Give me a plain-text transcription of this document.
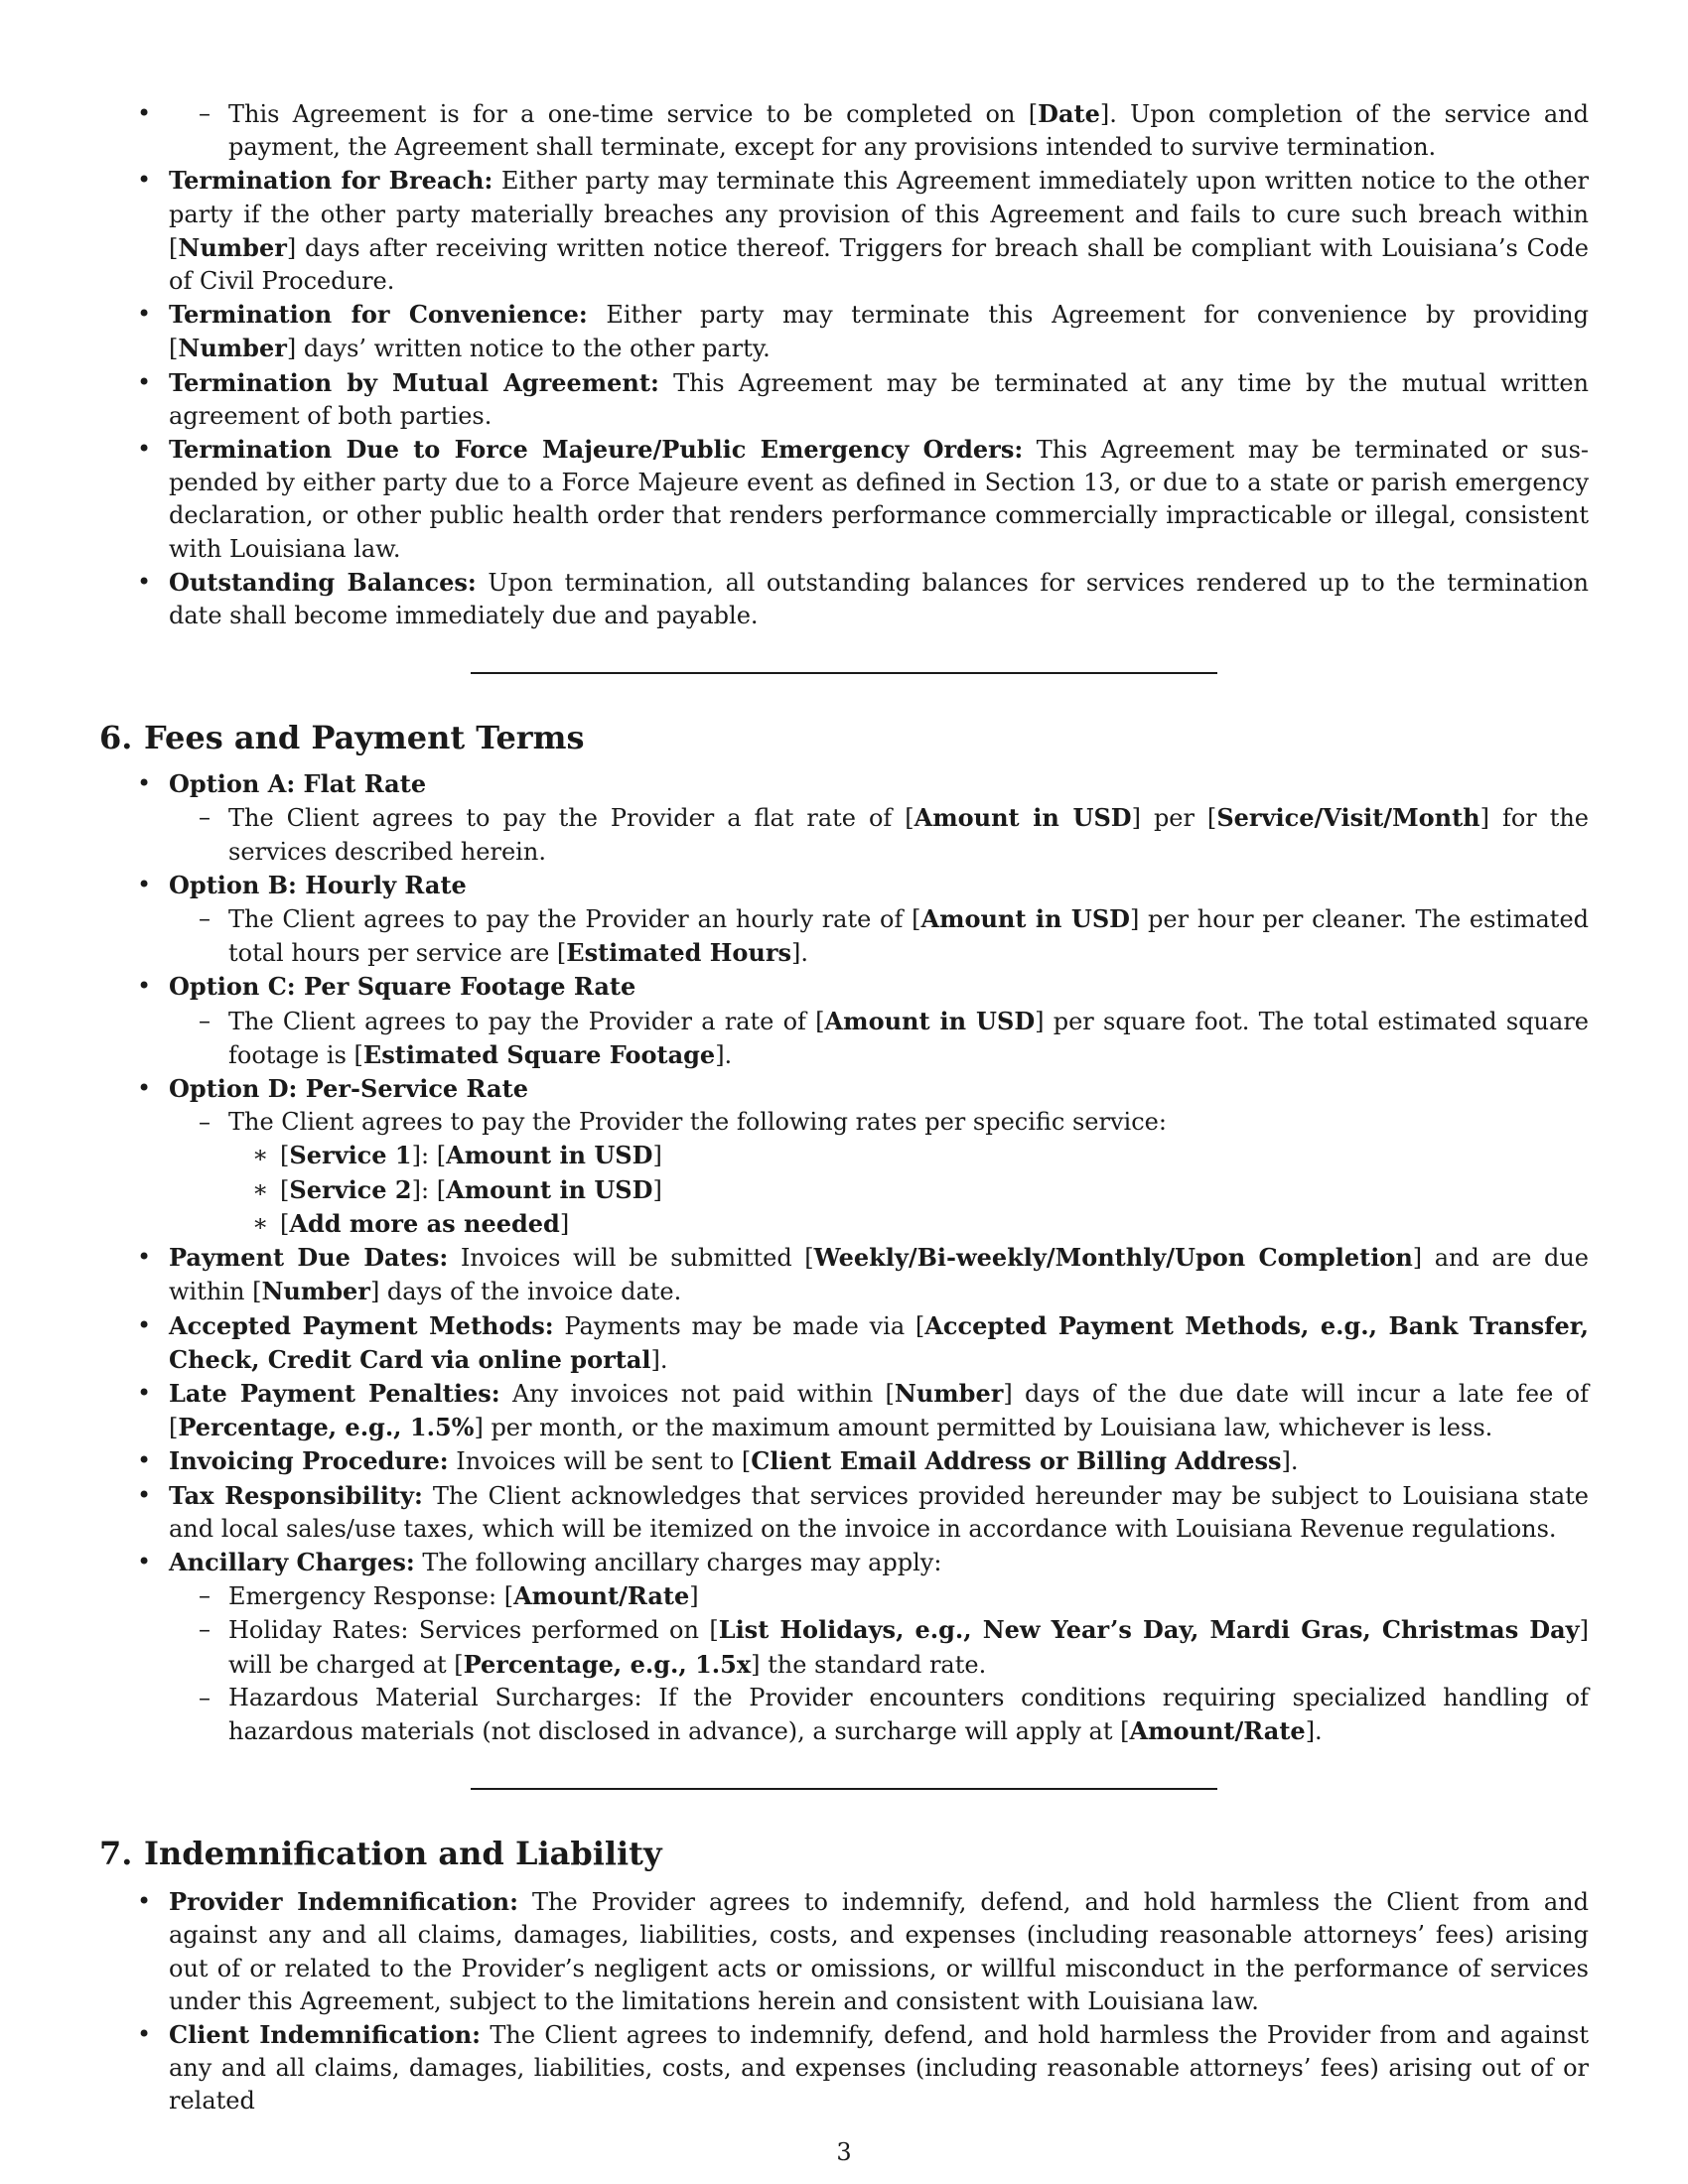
• – This Agreement is for a one-time service to be completed on [Date]. Upon completion of the service and payment, the Agreement shall terminate, except for any provisions intended to survive termination.
• Termination for Breach: Either party may terminate this Agreement immediately upon written notice to the other party if the other party materially breaches any provision of this Agreement and fails to cure such breach within [Number] days after receiving written notice thereof. Triggers for breach shall be compliant with Louisiana’s Code of Civil Procedure.
• Termination for Convenience: Either party may terminate this Agreement for convenience by providing [Number] days’ written notice to the other party.
• Termination by Mutual Agreement: This Agreement may be terminated at any time by the mutual written agreement of both parties.
• Termination Due to Force Majeure/Public Emergency Orders: This Agreement may be terminated or suspended by either party due to a Force Majeure event as defined in Section 13, or due to a state or parish emergency declaration, or other public health order that renders performance commercially impracticable or illegal, consistent with Louisiana law.
• Outstanding Balances: Upon termination, all outstanding balances for services rendered up to the termination date shall become immediately due and payable.
6. Fees and Payment Terms
• Option A: Flat Rate
– The Client agrees to pay the Provider a flat rate of [Amount in USD] per [Service/Visit/Month] for the services described herein.
• Option B: Hourly Rate
– The Client agrees to pay the Provider an hourly rate of [Amount in USD] per hour per cleaner. The estimated total hours per service are [Estimated Hours].
• Option C: Per Square Footage Rate
– The Client agrees to pay the Provider a rate of [Amount in USD] per square foot. The total estimated square footage is [Estimated Square Footage].
• Option D: Per-Service Rate
– The Client agrees to pay the Provider the following rates per specific service:
∗ [Service 1]: [Amount in USD]
∗ [Service 2]: [Amount in USD]
∗ [Add more as needed]
• Payment Due Dates: Invoices will be submitted [Weekly/Bi-weekly/Monthly/Upon Completion] and are due within [Number] days of the invoice date.
• Accepted Payment Methods: Payments may be made via [Accepted Payment Methods, e.g., Bank Transfer, Check, Credit Card via online portal].
• Late Payment Penalties: Any invoices not paid within [Number] days of the due date will incur a late fee of [Percentage, e.g., 1.5%] per month, or the maximum amount permitted by Louisiana law, whichever is less.
• Invoicing Procedure: Invoices will be sent to [Client Email Address or Billing Address].
• Tax Responsibility: The Client acknowledges that services provided hereunder may be subject to Louisiana state and local sales/use taxes, which will be itemized on the invoice in accordance with Louisiana Revenue regulations.
• Ancillary Charges: The following ancillary charges may apply:
– Emergency Response: [Amount/Rate]
– Holiday Rates: Services performed on [List Holidays, e.g., New Year’s Day, Mardi Gras, Christmas Day] will be charged at [Percentage, e.g., 1.5x] the standard rate.
– Hazardous Material Surcharges: If the Provider encounters conditions requiring specialized handling of hazardous materials (not disclosed in advance), a surcharge will apply at [Amount/Rate].
7. Indemnification and Liability
• Provider Indemnification: The Provider agrees to indemnify, defend, and hold harmless the Client from and against any and all claims, damages, liabilities, costs, and expenses (including reasonable attorneys’ fees) arising out of or related to the Provider’s negligent acts or omissions, or willful misconduct in the performance of services under this Agreement, subject to the limitations herein and consistent with Louisiana law.
• Client Indemnification: The Client agrees to indemnify, defend, and hold harmless the Provider from and against any and all claims, damages, liabilities, costs, and expenses (including reasonable attorneys’ fees) arising out of or related
3
